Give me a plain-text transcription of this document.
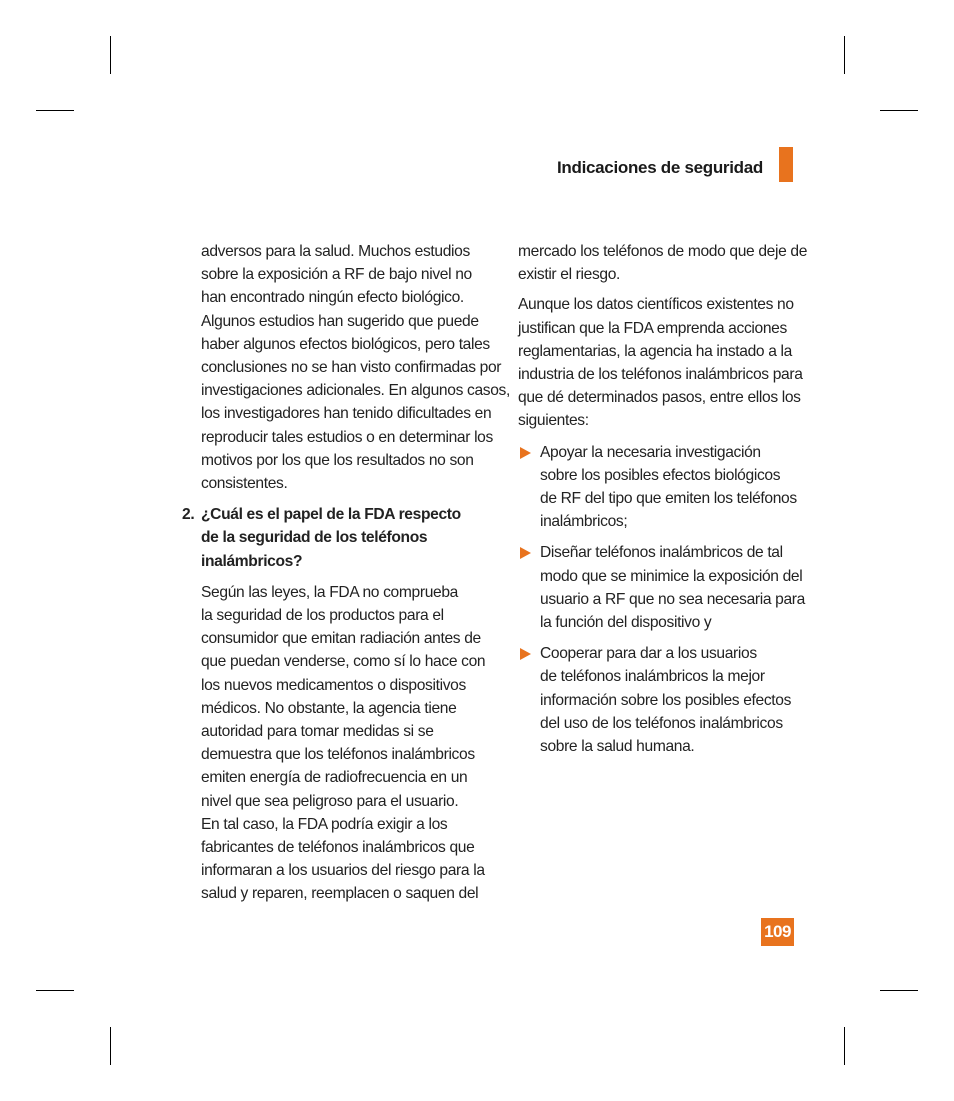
Indicaciones de seguridad
adversos para la salud. Muchos estudios
sobre la exposición a RF de bajo nivel no
han encontrado ningún efecto biológico.
Algunos estudios han sugerido que puede
haber algunos efectos biológicos, pero tales
conclusiones no se han visto confirmadas por
investigaciones adicionales. En algunos casos,
los investigadores han tenido dificultades en
reproducir tales estudios o en determinar los
motivos por los que los resultados no son
consistentes.
2. ¿Cuál es el papel de la FDA respecto
de la seguridad de los teléfonos
inalámbricos?
Según las leyes, la FDA no comprueba
la seguridad de los productos para el
consumidor que emitan radiación antes de
que puedan venderse, como sí lo hace con
los nuevos medicamentos o dispositivos
médicos. No obstante, la agencia tiene
autoridad para tomar medidas si se
demuestra que los teléfonos inalámbricos
emiten energía de radiofrecuencia en un
nivel que sea peligroso para el usuario.
En tal caso, la FDA podría exigir a los
fabricantes de teléfonos inalámbricos que
informaran a los usuarios del riesgo para la
salud y reparen, reemplacen o saquen del
mercado los teléfonos de modo que deje de
existir el riesgo.
Aunque los datos científicos existentes no
justifican que la FDA emprenda acciones
reglamentarias, la agencia ha instado a la
industria de los teléfonos inalámbricos para
que dé determinados pasos, entre ellos los
siguientes:
Apoyar la necesaria investigación
sobre los posibles efectos biológicos
de RF del tipo que emiten los teléfonos
inalámbricos;
Diseñar teléfonos inalámbricos de tal
modo que se minimice la exposición del
usuario a RF que no sea necesaria para
la función del dispositivo y
Cooperar para dar a los usuarios
de teléfonos inalámbricos la mejor
información sobre los posibles efectos
del uso de los teléfonos inalámbricos
sobre la salud humana.
109
